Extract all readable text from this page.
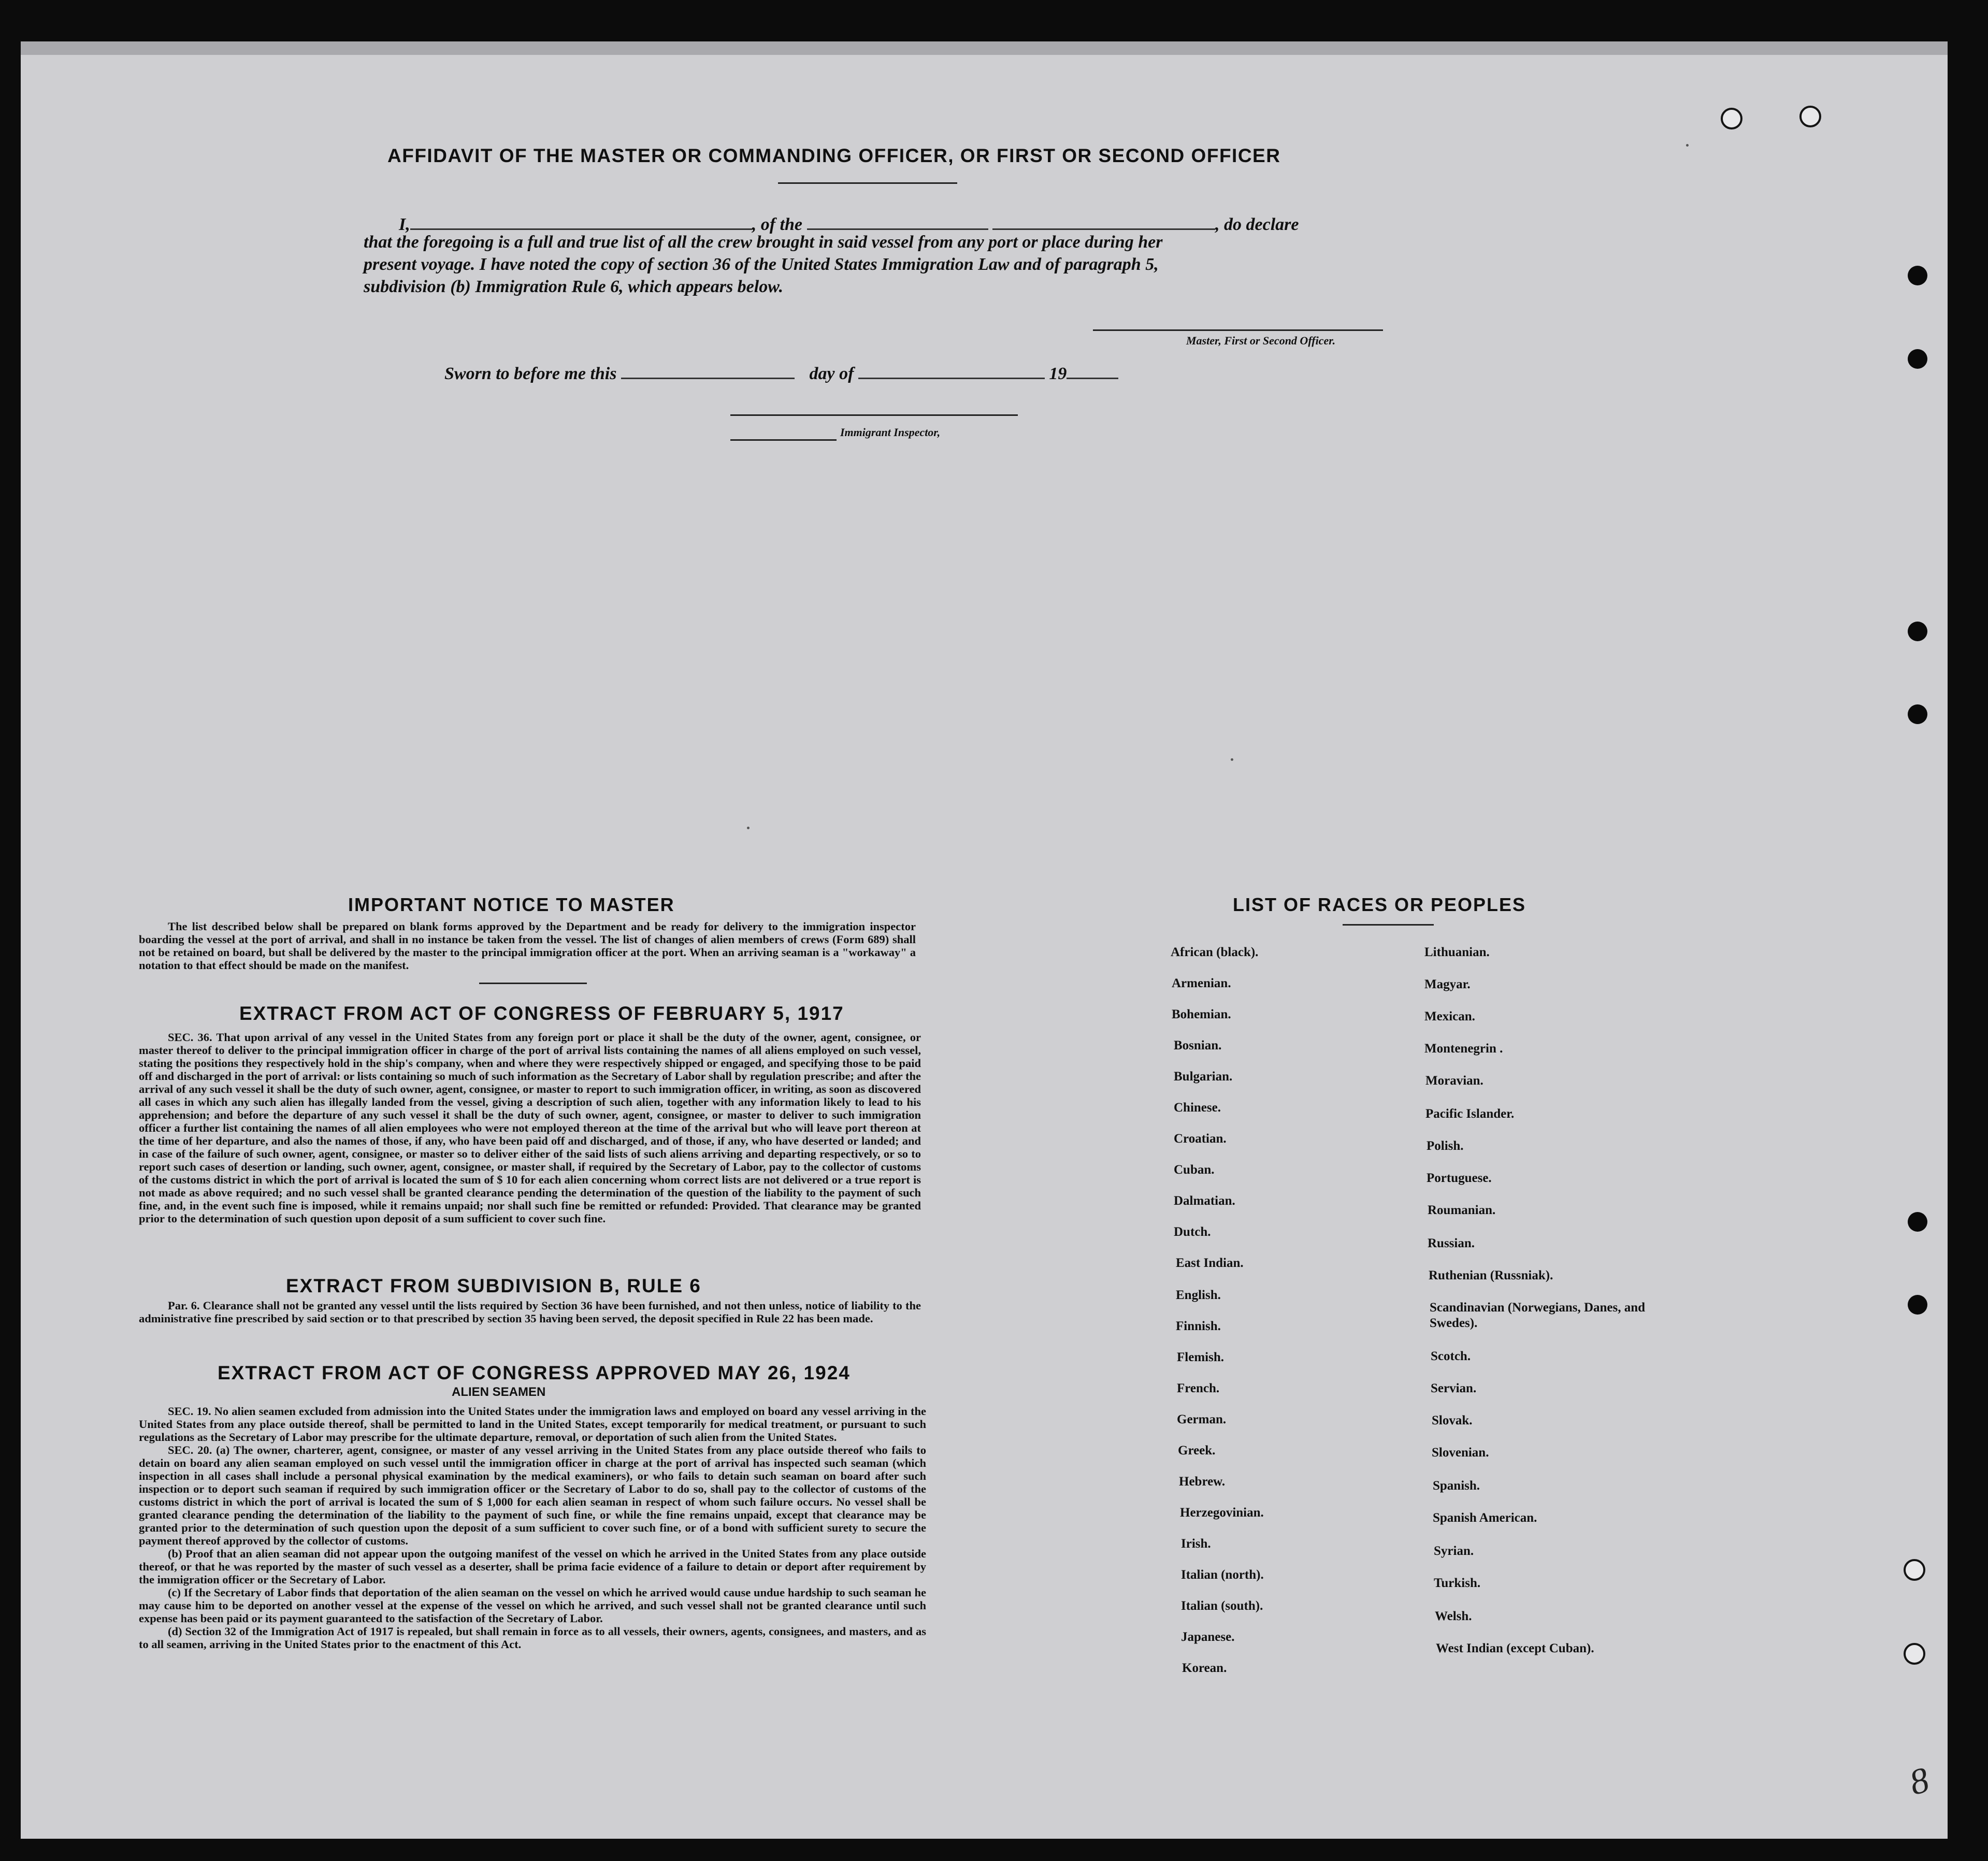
8
AFFIDAVIT OF THE MASTER OR COMMANDING OFFICER, OR FIRST OR SECOND OFFICER
I,	, of the	, do declare
that the foregoing is a full and true list of all the crew brought in said vessel from any port or place during her
present voyage. I have noted the copy of section 36 of the United States Immigration Law and of paragraph 5,
subdivision (b) Immigration Rule 6, which appears below.
Master, First or Second Officer.
Sworn to before me this	day of	19
Immigrant Inspector,
IMPORTANT NOTICE TO MASTER
The list described below shall be prepared on blank forms approved by the Department and be ready for delivery to the immigration inspector boarding the vessel at the port of arrival, and shall in no instance be taken from the vessel. The list of changes of alien members of crews (Form 689) shall not be retained on board, but shall be delivered by the master to the principal immigration officer at the port. When an arriving seaman is a "workaway" a notation to that effect should be made on the manifest.
EXTRACT FROM ACT OF CONGRESS OF FEBRUARY 5, 1917
SEC. 36. That upon arrival of any vessel in the United States from any foreign port or place it shall be the duty of the owner, agent, consignee, or master thereof to deliver to the principal immigration officer in charge of the port of arrival lists containing the names of all aliens employed on such vessel, stating the positions they respectively hold in the ship's company, when and where they were respectively shipped or engaged, and specifying those to be paid off and discharged in the port of arrival: or lists containing so much of such information as the Secretary of Labor shall by regulation prescribe; and after the arrival of any such vessel it shall be the duty of such owner, agent, consignee, or master to report to such immigration officer, in writing, as soon as discovered all cases in which any such alien has illegally landed from the vessel, giving a description of such alien, together with any information likely to lead to his apprehension; and before the departure of any such vessel it shall be the duty of such owner, agent, consignee, or master to deliver to such immigration officer a further list containing the names of all alien employees who were not employed thereon at the time of the arrival but who will leave port thereon at the time of her departure, and also the names of those, if any, who have been paid off and discharged, and of those, if any, who have deserted or landed; and in case of the failure of such owner, agent, consignee, or master so to deliver either of the said lists of such aliens arriving and departing respectively, or so to report such cases of desertion or landing, such owner, agent, consignee, or master shall, if required by the Secretary of Labor, pay to the collector of customs of the customs district in which the port of arrival is located the sum of $ 10 for each alien concerning whom correct lists are not delivered or a true report is not made as above required; and no such vessel shall be granted clearance pending the determination of the question of the liability to the payment of such fine, and, in the event such fine is imposed, while it remains unpaid; nor shall such fine be remitted or refunded: Provided. That clearance may be granted prior to the determination of such question upon deposit of a sum sufficient to cover such fine.
EXTRACT FROM SUBDIVISION B, RULE 6
Par. 6. Clearance shall not be granted any vessel until the lists required by Section 36 have been furnished, and not then unless, notice of liability to the administrative fine prescribed by said section or to that prescribed by section 35 having been served, the deposit specified in Rule 22 has been made.
EXTRACT FROM ACT OF CONGRESS APPROVED MAY 26, 1924
ALIEN SEAMEN

SEC. 19. No alien seamen excluded from admission into the United States under the immigration laws and employed on board any vessel arriving in the United States from any place outside thereof, shall be permitted to land in the United States, except temporarily for medical treatment, or pursuant to such regulations as the Secretary of Labor may prescribe for the ultimate departure, removal, or deportation of such alien from the United States.

SEC. 20. (a) The owner, charterer, agent, consignee, or master of any vessel arriving in the United States from any place outside thereof who fails to detain on board any alien seaman employed on such vessel until the immigration officer in charge at the port of arrival has inspected such seaman (which inspection in all cases shall include a personal physical examination by the medical examiners), or who fails to detain such seaman on board after such inspection or to deport such seaman if required by such immigration officer or the Secretary of Labor to do so, shall pay to the collector of customs of the customs district in which the port of arrival is located the sum of $ 1,000 for each alien seaman in respect of whom such failure occurs. No vessel shall be granted clearance pending the determination of the liability to the payment of such fine, or while the fine remains unpaid, except that clearance may be granted prior to the determination of such question upon the deposit of a sum sufficient to cover such fine, or of a bond with sufficient surety to secure the payment thereof approved by the collector of customs.

(b) Proof that an alien seaman did not appear upon the outgoing manifest of the vessel on which he arrived in the United States from any place outside thereof, or that he was reported by the master of such vessel as a deserter, shall be prima facie evidence of a failure to detain or deport after requirement by the immigration officer or the Secretary of Labor.

(c) If the Secretary of Labor finds that deportation of the alien seaman on the vessel on which he arrived would cause undue hardship to such seaman he may cause him to be deported on another vessel at the expense of the vessel on which he arrived, and such vessel shall not be granted clearance until such expense has been paid or its payment guaranteed to the satisfaction of the Secretary of Labor.

(d) Section 32 of the Immigration Act of 1917 is repealed, but shall remain in force as to all vessels, their owners, agents, consignees, and masters, and as to all seamen, arriving in the United States prior to the enactment of this Act.

LIST OF RACES OR PEOPLES
African (black).
Armenian.
Bohemian.
Bosnian.
Bulgarian.
Chinese.
Croatian.
Cuban.
Dalmatian.
Dutch.
East Indian.
English.
Finnish.
Flemish.
French.
German.
Greek.
Hebrew.
Herzegovinian.
Irish.
Italian (north).
Italian (south).
Japanese.
Korean.
Lithuanian.
Magyar.
Mexican.
Montenegrin .
Moravian.
Pacific Islander.
Polish.
Portuguese.
Roumanian.
Russian.
Ruthenian (Russniak).
Scandinavian (Norwegians, Danes, and Swedes).
Scotch.
Servian.
Slovak.
Slovenian.
Spanish.
Spanish American.
Syrian.
Turkish.
Welsh.
West Indian (except Cuban).
